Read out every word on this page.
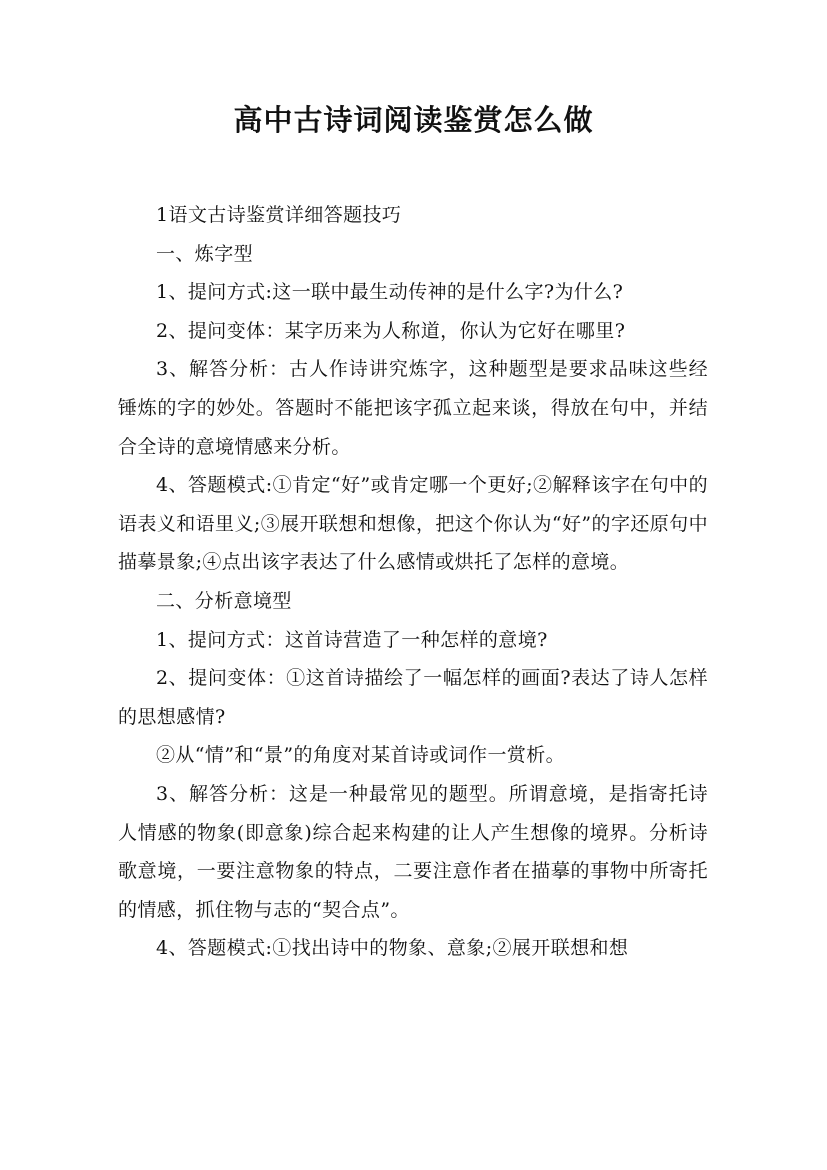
高中古诗词阅读鉴赏怎么做

1语文古诗鉴赏详细答题技巧

一、炼字型

1、提问方式:这一联中最生动传神的是什么字?为什么?

2、提问变体：某字历来为人称道，你认为它好在哪里?

3、解答分析：古人作诗讲究炼字，这种题型是要求品味这些经锤炼的字的妙处。答题时不能把该字孤立起来谈，得放在句中，并结合全诗的意境情感来分析。

4、答题模式:①肯定“好”或肯定哪一个更好;②解释该字在句中的语表义和语里义;③展开联想和想像，把这个你认为“好”的字还原句中描摹景象;④点出该字表达了什么感情或烘托了怎样的意境。

二、分析意境型

1、提问方式：这首诗营造了一种怎样的意境?

2、提问变体：①这首诗描绘了一幅怎样的画面?表达了诗人怎样的思想感情?

②从“情”和“景”的角度对某首诗或词作一赏析。

3、解答分析：这是一种最常见的题型。所谓意境，是指寄托诗人情感的物象(即意象)综合起来构建的让人产生想像的境界。分析诗歌意境，一要注意物象的特点，二要注意作者在描摹的事物中所寄托的情感，抓住物与志的“契合点”。

4、答题模式:①找出诗中的物象、意象;②展开联想和想
